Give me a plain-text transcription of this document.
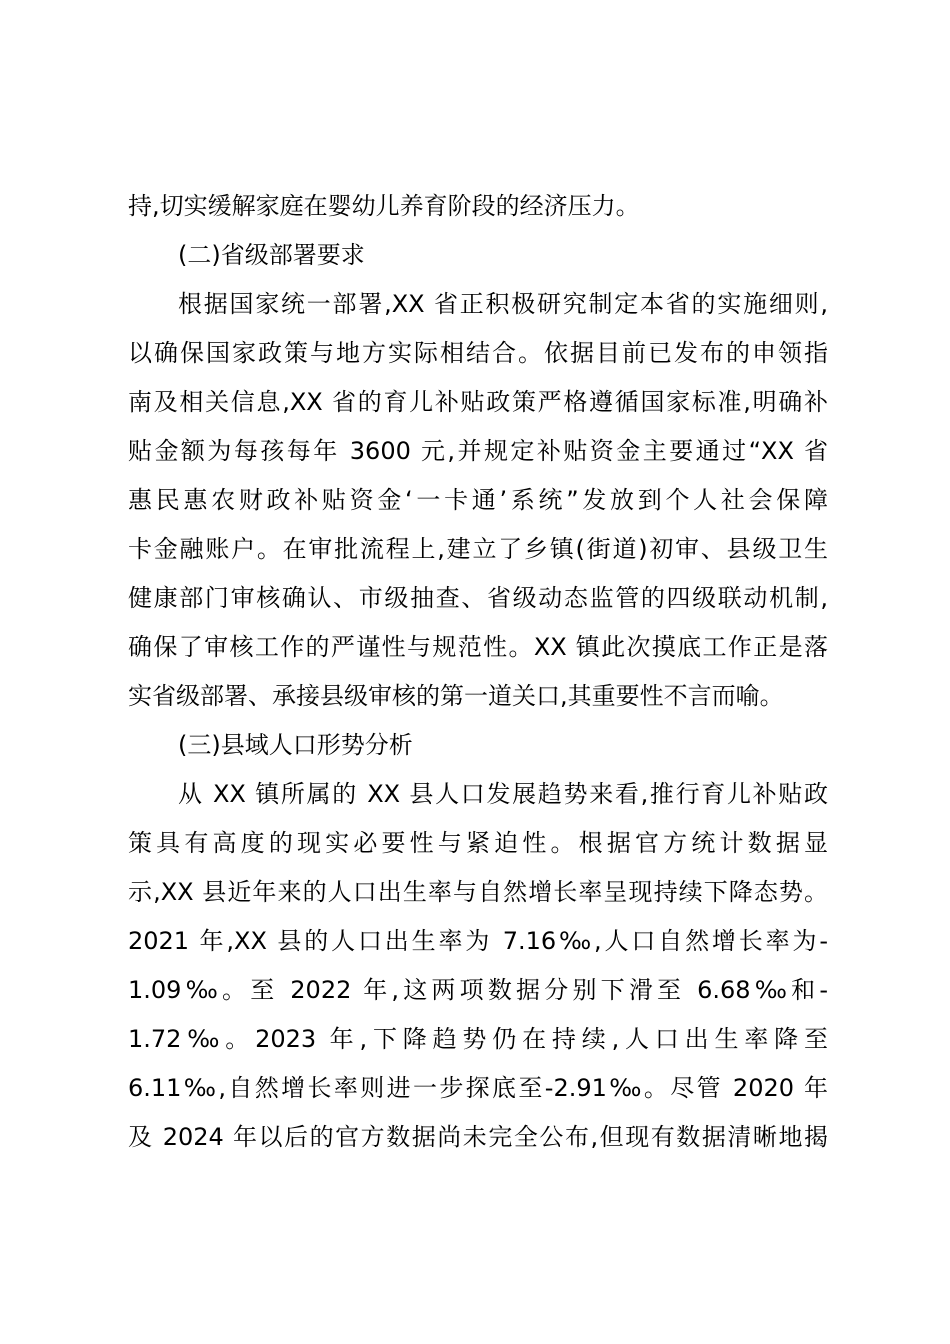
持,切实缓解家庭在婴幼儿养育阶段的经济压力。
(二)省级部署要求
根据国家统一部署,XX 省正积极研究制定本省的实施细则,
以确保国家政策与地方实际相结合。依据目前已发布的申领指
南及相关信息,XX 省的育儿补贴政策严格遵循国家标准,明确补
贴金额为每孩每年 3600 元,并规定补贴资金主要通过“XX 省
惠民惠农财政补贴资金‘一卡通’系统”发放到个人社会保障
卡金融账户。在审批流程上,建立了乡镇(街道)初审、县级卫生
健康部门审核确认、市级抽查、省级动态监管的四级联动机制,
确保了审核工作的严谨性与规范性。XX 镇此次摸底工作正是落
实省级部署、承接县级审核的第一道关口,其重要性不言而喻。
(三)县域人口形势分析
从 XX 镇所属的 XX 县人口发展趋势来看,推行育儿补贴政
策具有高度的现实必要性与紧迫性。根据官方统计数据显
示,XX 县近年来的人口出生率与自然增长率呈现持续下降态势。
2021 年,XX 县的人口出生率为 7.16‰,人口自然增长率为-
1.09‰。至 2022 年,这两项数据分别下滑至 6.68‰和-
1.72‰。2023 年,下降趋势仍在持续,人口出生率降至
6.11‰,自然增长率则进一步探底至-2.91‰。尽管 2020 年
及 2024 年以后的官方数据尚未完全公布,但现有数据清晰地揭
